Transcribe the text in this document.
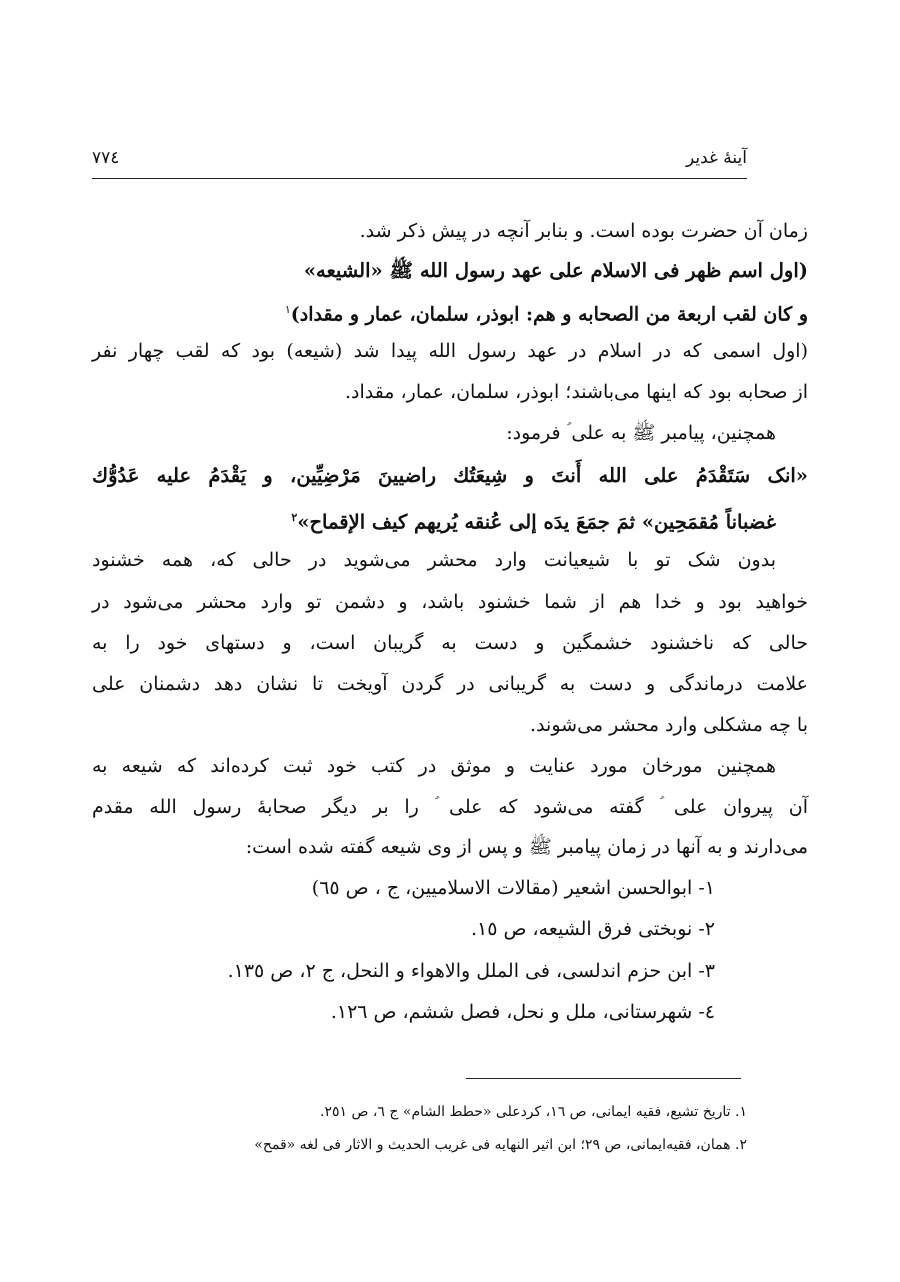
آینهٔ غدیر
٧٧٤
زمان آن حضرت بوده است. و بنابر آنچه در پیش ذکر شد.
(اول اسم ظهر فی الاسلام علی عهد رسول الله ﷺ «الشیعه»
و کان لقب اربعة من الصحابه و هم: ابوذر، سلمان، عمار و مقداد)$^١$
(اول اسمی که در اسلام در عهد رسول الله پیدا شد (شیعه) بود که لقب چهار نفر
از صحابه بود که اینها می‌باشند؛ ابوذر، سلمان، عمار، مقداد.
همچنین، پیامبر ﷺ به علی ؑ فرمود:
«انک سَتَقْدَمُ علی الله أَنتَ و شِیعَتُك راضیینَ مَرْضِیِّین، و یَقْدَمُ علیه عَدُوُّك
غضباناً مُقمَحِین» ثمَ جمَعَ یدَه إلی عُنقه یُریهم کیف الإقماح»$^٢$
بدون شک تو با شیعیانت وارد محشر می‌شوید در حالی که، همه خشنود
خواهید بود و خدا هم از شما خشنود باشد، و دشمن تو وارد محشر می‌شود در
حالی که ناخشنود خشمگین و دست به گریبان است، و دستهای خود را به
علامت درماندگی و دست به گریبانی در گردن آویخت تا نشان دهد دشمنان علی
با چه مشکلی وارد محشر می‌شوند.
همچنین مورخان مورد عنایت و موثق در کتب خود ثبت کرده‌اند که شیعه به
آن پیروان علی ؑ گفته می‌شود که علی ؑ را بر دیگر صحابهٔ رسول الله مقدم
می‌دارند و به آنها در زمان پیامبر ﷺ و پس از وی شیعه گفته شده است:
١- ابوالحسن اشعیر (مقالات الاسلامیین، ج ، ص ٦٥)
٢- نوبختی فرق الشیعه، ص ١٥.
٣- ابن حزم اندلسی، فی الملل والاهواء و النحل، ج ٢، ص ١٣٥.
٤- شهرستانی، ملل و نحل، فصل ششم، ص ١٢٦.
١. تاریخ تشیع، فقیه ایمانی، ص ١٦، کردعلی «حطط الشام» ج ٦، ص ٢٥١.
٢. همان، فقیه‌ایمانی، ص ٢٩؛ ابن اثیر النهایه فی غریب الحدیث و الاثار فی لغه «قمح»
